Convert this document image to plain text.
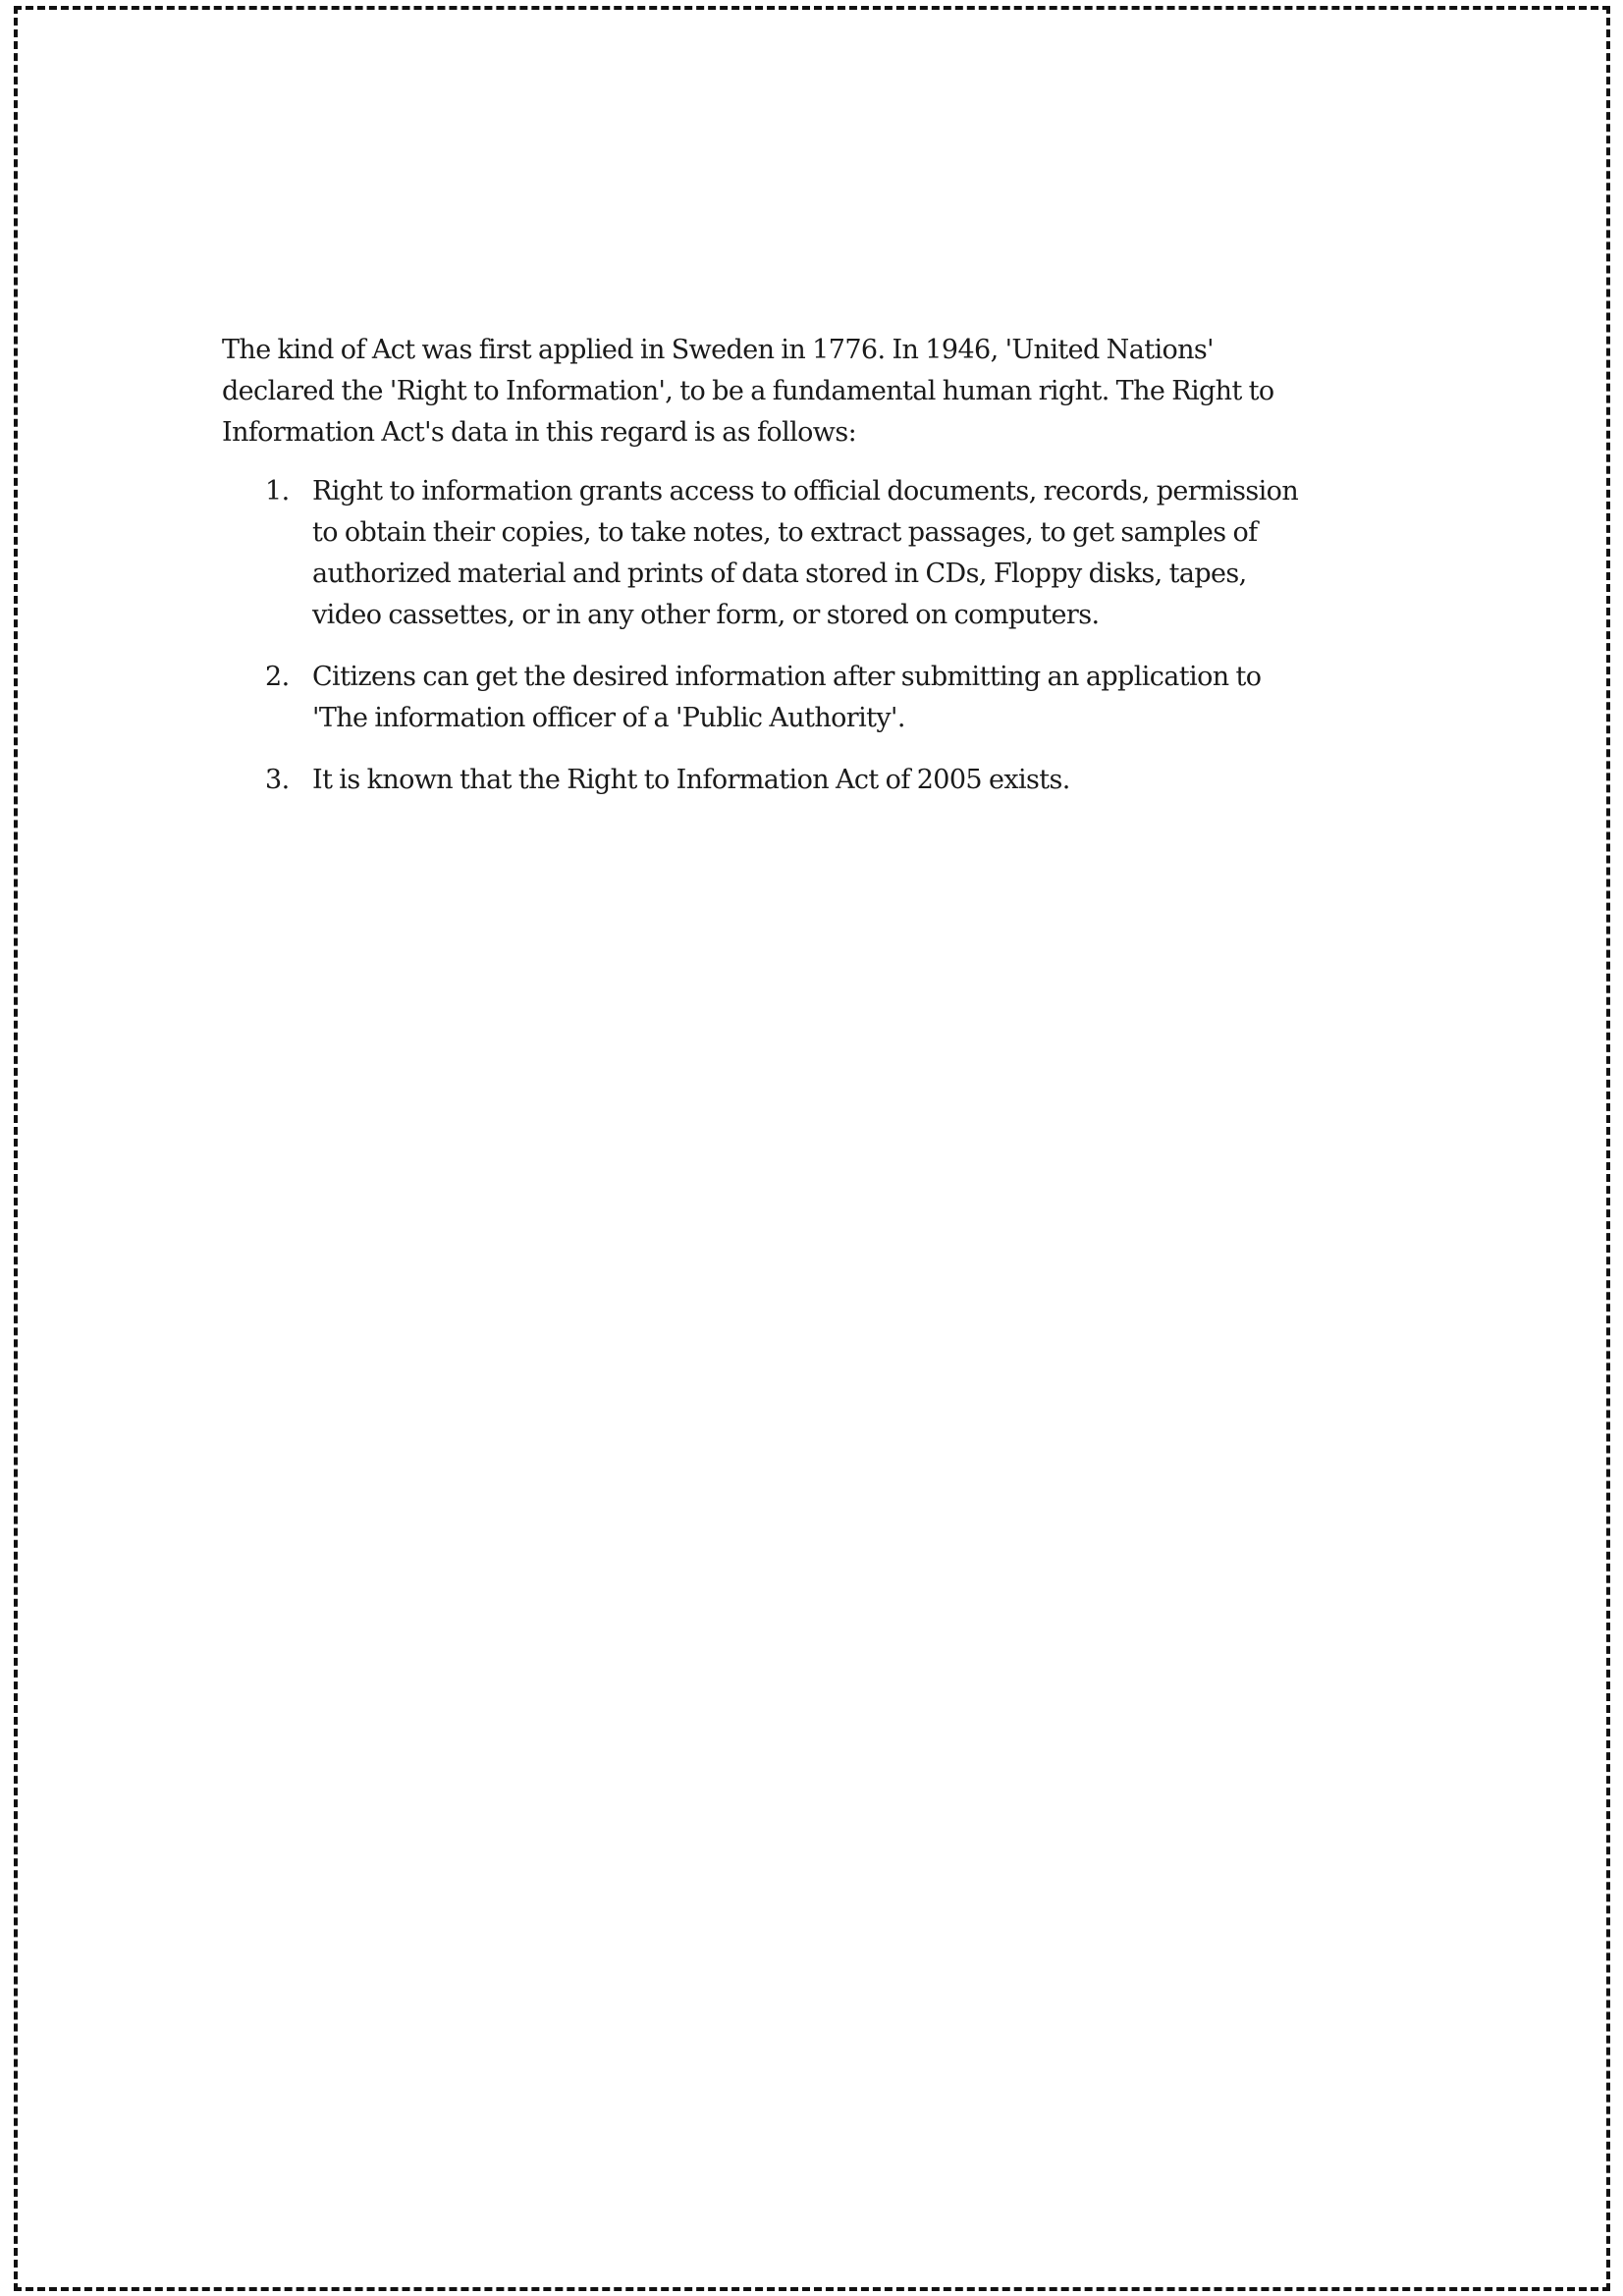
The kind of Act was first applied in Sweden in 1776. In 1946, 'United Nations'
declared the 'Right to Information', to be a fundamental human right. The Right to
Information Act's data in this regard is as follows:

1. Right to information grants access to official documents, records, permission
to obtain their copies, to take notes, to extract passages, to get samples of
authorized material and prints of data stored in CDs, Floppy disks, tapes,
video cassettes, or in any other form, or stored on computers.
2. Citizens can get the desired information after submitting an application to
'The information officer of a 'Public Authority'.
3. It is known that the Right to Information Act of 2005 exists.
